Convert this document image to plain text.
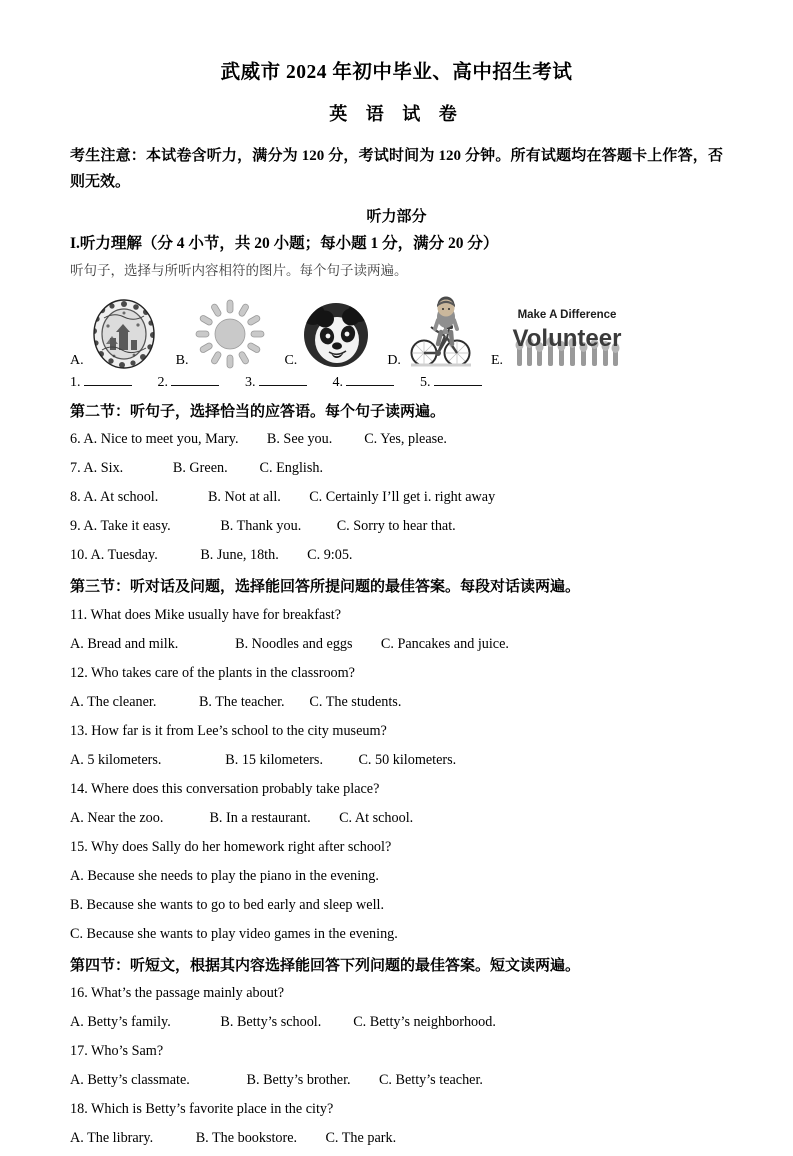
武威市 2024 年初中毕业、高中招生考试
英 语 试 卷
考生注意：本试卷含听力，满分为 120 分，考试时间为 120 分钟。所有试题均在答题卡上作答，否则无效。
听力部分
I.听力理解（分 4 小节，共 20 小题；每小题 1 分，满分 20 分）
听句子，选择与所听内容相符的图片。每个句子读两遍。
A.	B.	C.	D.	E.
Make A Difference
Volunteer
1.	2.	3.	4.	5.
第二节：听句子，选择恰当的应答语。每个句子读两遍。
6. A. Nice to meet you, Mary.        B. See you.         C. Yes, please.
7. A. Six.              B. Green.         C. English.
8. A. At school.              B. Not at all.        C. Certainly I’ll get i. right away
9. A. Take it easy.              B. Thank you.          C. Sorry to hear that.
10. A. Tuesday.            B. June, 18th.        C. 9:05.
第三节：听对话及问题，选择能回答所提问题的最佳答案。每段对话读两遍。
11. What does Mike usually have for breakfast?
A. Bread and milk.                B. Noodles and eggs        C. Pancakes and juice.
12. Who takes care of the plants in the classroom?
A. The cleaner.            B. The teacher.       C. The students.
13. How far is it from Lee’s school to the city museum?
A. 5 kilometers.                  B. 15 kilometers.          C. 50 kilometers.
14. Where does this conversation probably take place?
A. Near the zoo.             B. In a restaurant.        C. At school.
15. Why does Sally do her homework right after school?
A. Because she needs to play the piano in the evening.
B. Because she wants to go to bed early and sleep well.
C. Because she wants to play video games in the evening.
第四节：听短文，根据其内容选择能回答下列问题的最佳答案。短文读两遍。
16. What’s the passage mainly about?
A. Betty’s family.              B. Betty’s school.         C. Betty’s neighborhood.
17. Who’s Sam?
A. Betty’s classmate.                B. Betty’s brother.        C. Betty’s teacher.
18. Which is Betty’s favorite place in the city?
A. The library.            B. The bookstore.        C. The park.
